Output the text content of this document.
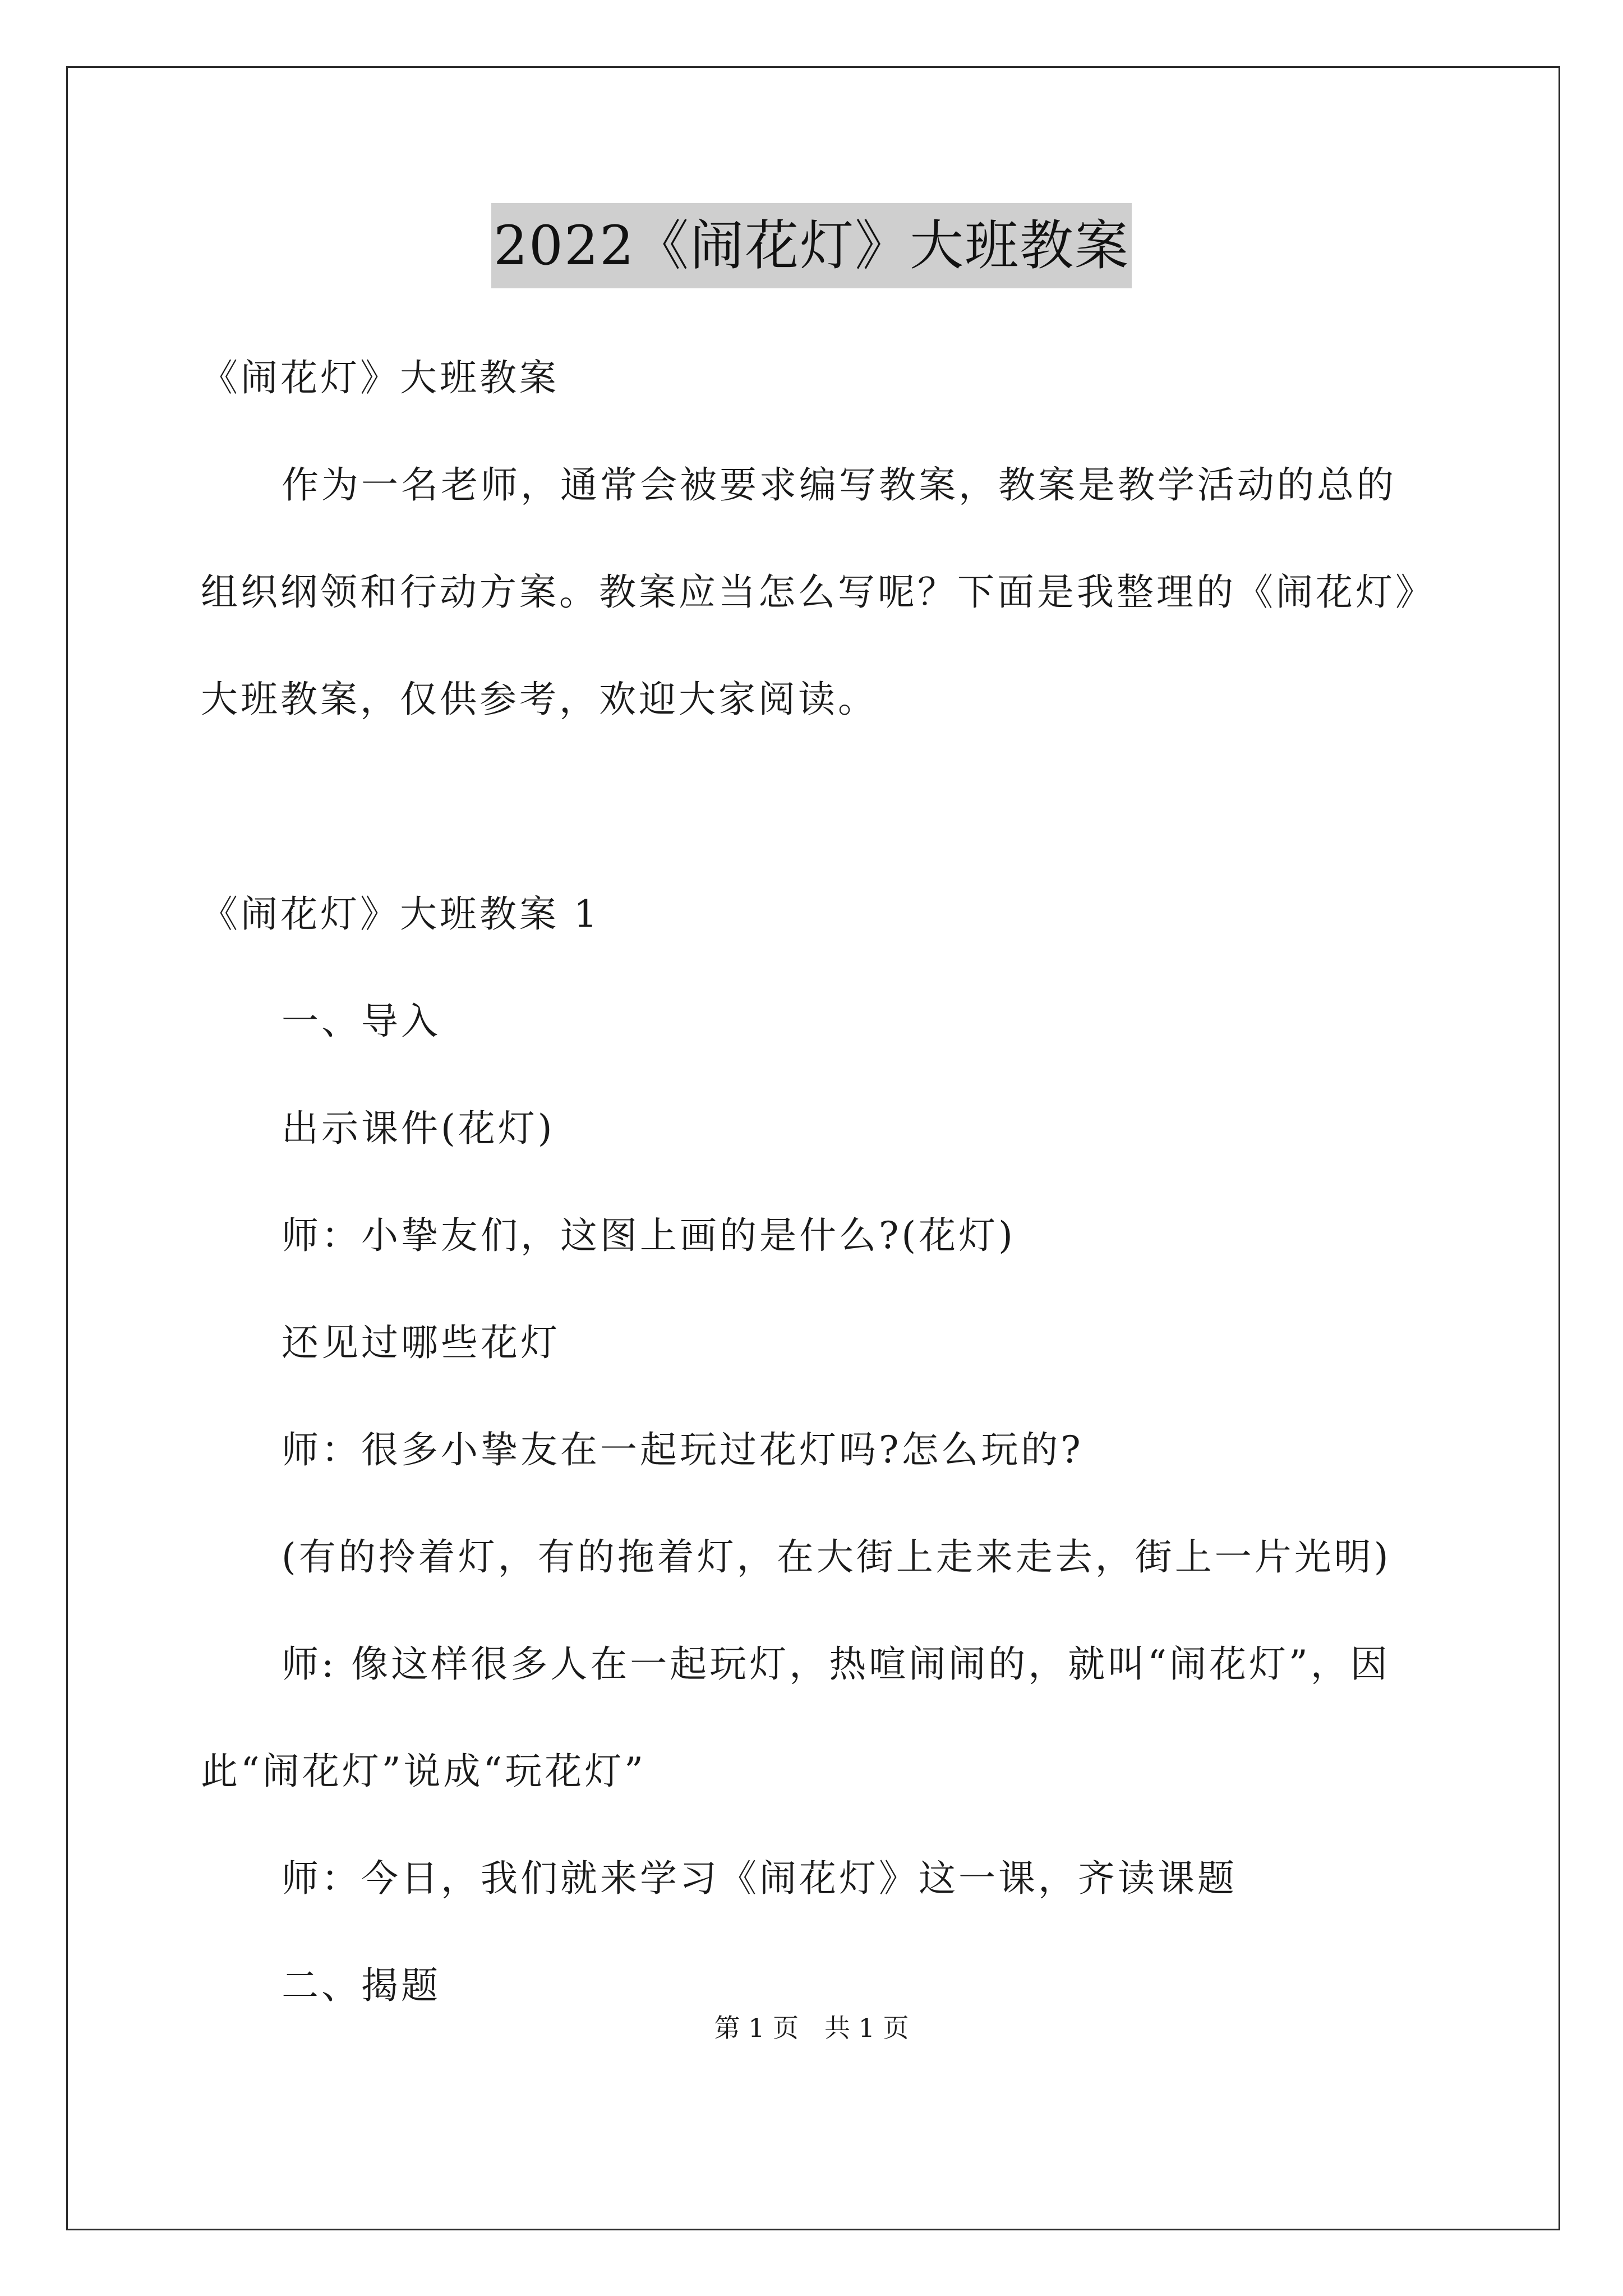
2022《闹花灯》大班教案
《闹花灯》大班教案
作为一名老师，通常会被要求编写教案，教案是教学活动的总的
组织纲领和行动方案。教案应当怎么写呢？下面是我整理的《闹花灯》
大班教案，仅供参考，欢迎大家阅读。
《闹花灯》大班教案 1
一、导入
出示课件(花灯)
师：小挚友们，这图上画的是什么?(花灯)
还见过哪些花灯
师：很多小挚友在一起玩过花灯吗?怎么玩的?
(有的拎着灯，有的拖着灯，在大街上走来走去，街上一片光明)
师: 像这样很多人在一起玩灯，热喧闹闹的，就叫“闹花灯”，因
此“闹花灯”说成“玩花灯”
师：今日，我们就来学习《闹花灯》这一课，齐读课题
二、揭题
第 1 页　共 1 页
